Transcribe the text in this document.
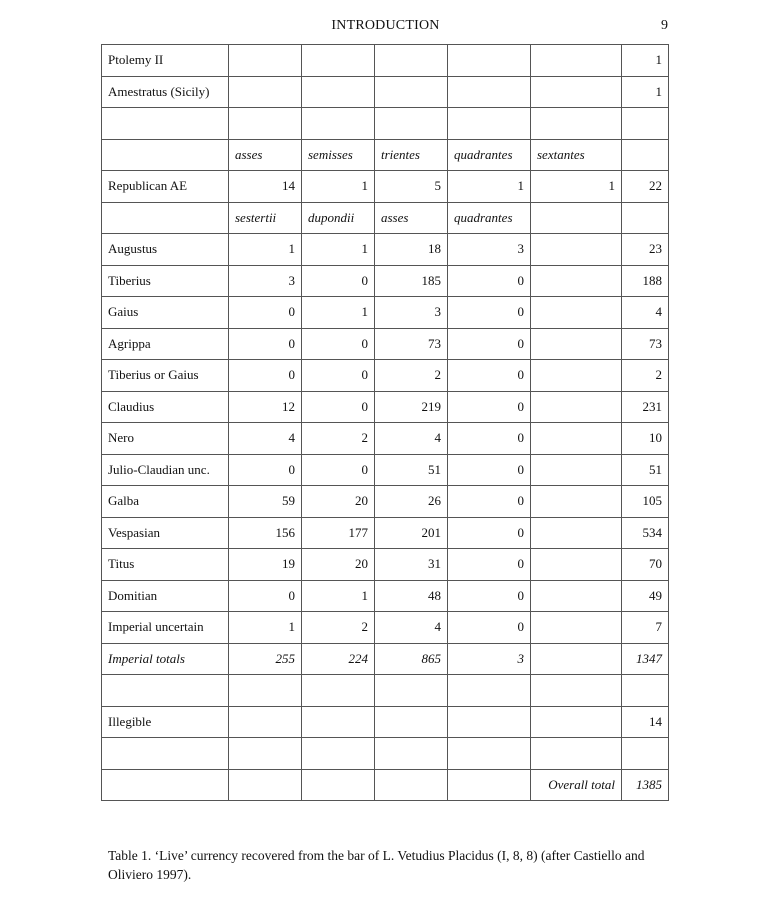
INTRODUCTION	9
Ptolemy II						1
Amestratus (Sicily)						1

	asses	semisses	trientes	quadrantes	sextantes	
Republican AE	14	1	5	1	1	22
	sestertii	dupondii	asses	quadrantes		
Augustus	1	1	18	3		23
Tiberius	3	0	185	0		188
Gaius	0	1	3	0		4
Agrippa	0	0	73	0		73
Tiberius or Gaius	0	0	2	0		2
Claudius	12	0	219	0		231
Nero	4	2	4	0		10
Julio-Claudian unc.	0	0	51	0		51
Galba	59	20	26	0		105
Vespasian	156	177	201	0		534
Titus	19	20	31	0		70
Domitian	0	1	48	0		49
Imperial uncertain	1	2	4	0		7
Imperial totals	255	224	865	3		1347

Illegible						14

					Overall total	1385
Table 1. ‘Live’ currency recovered from the bar of L. Vetudius Placidus (I, 8, 8) (after Castiello and Oliviero 1997).
